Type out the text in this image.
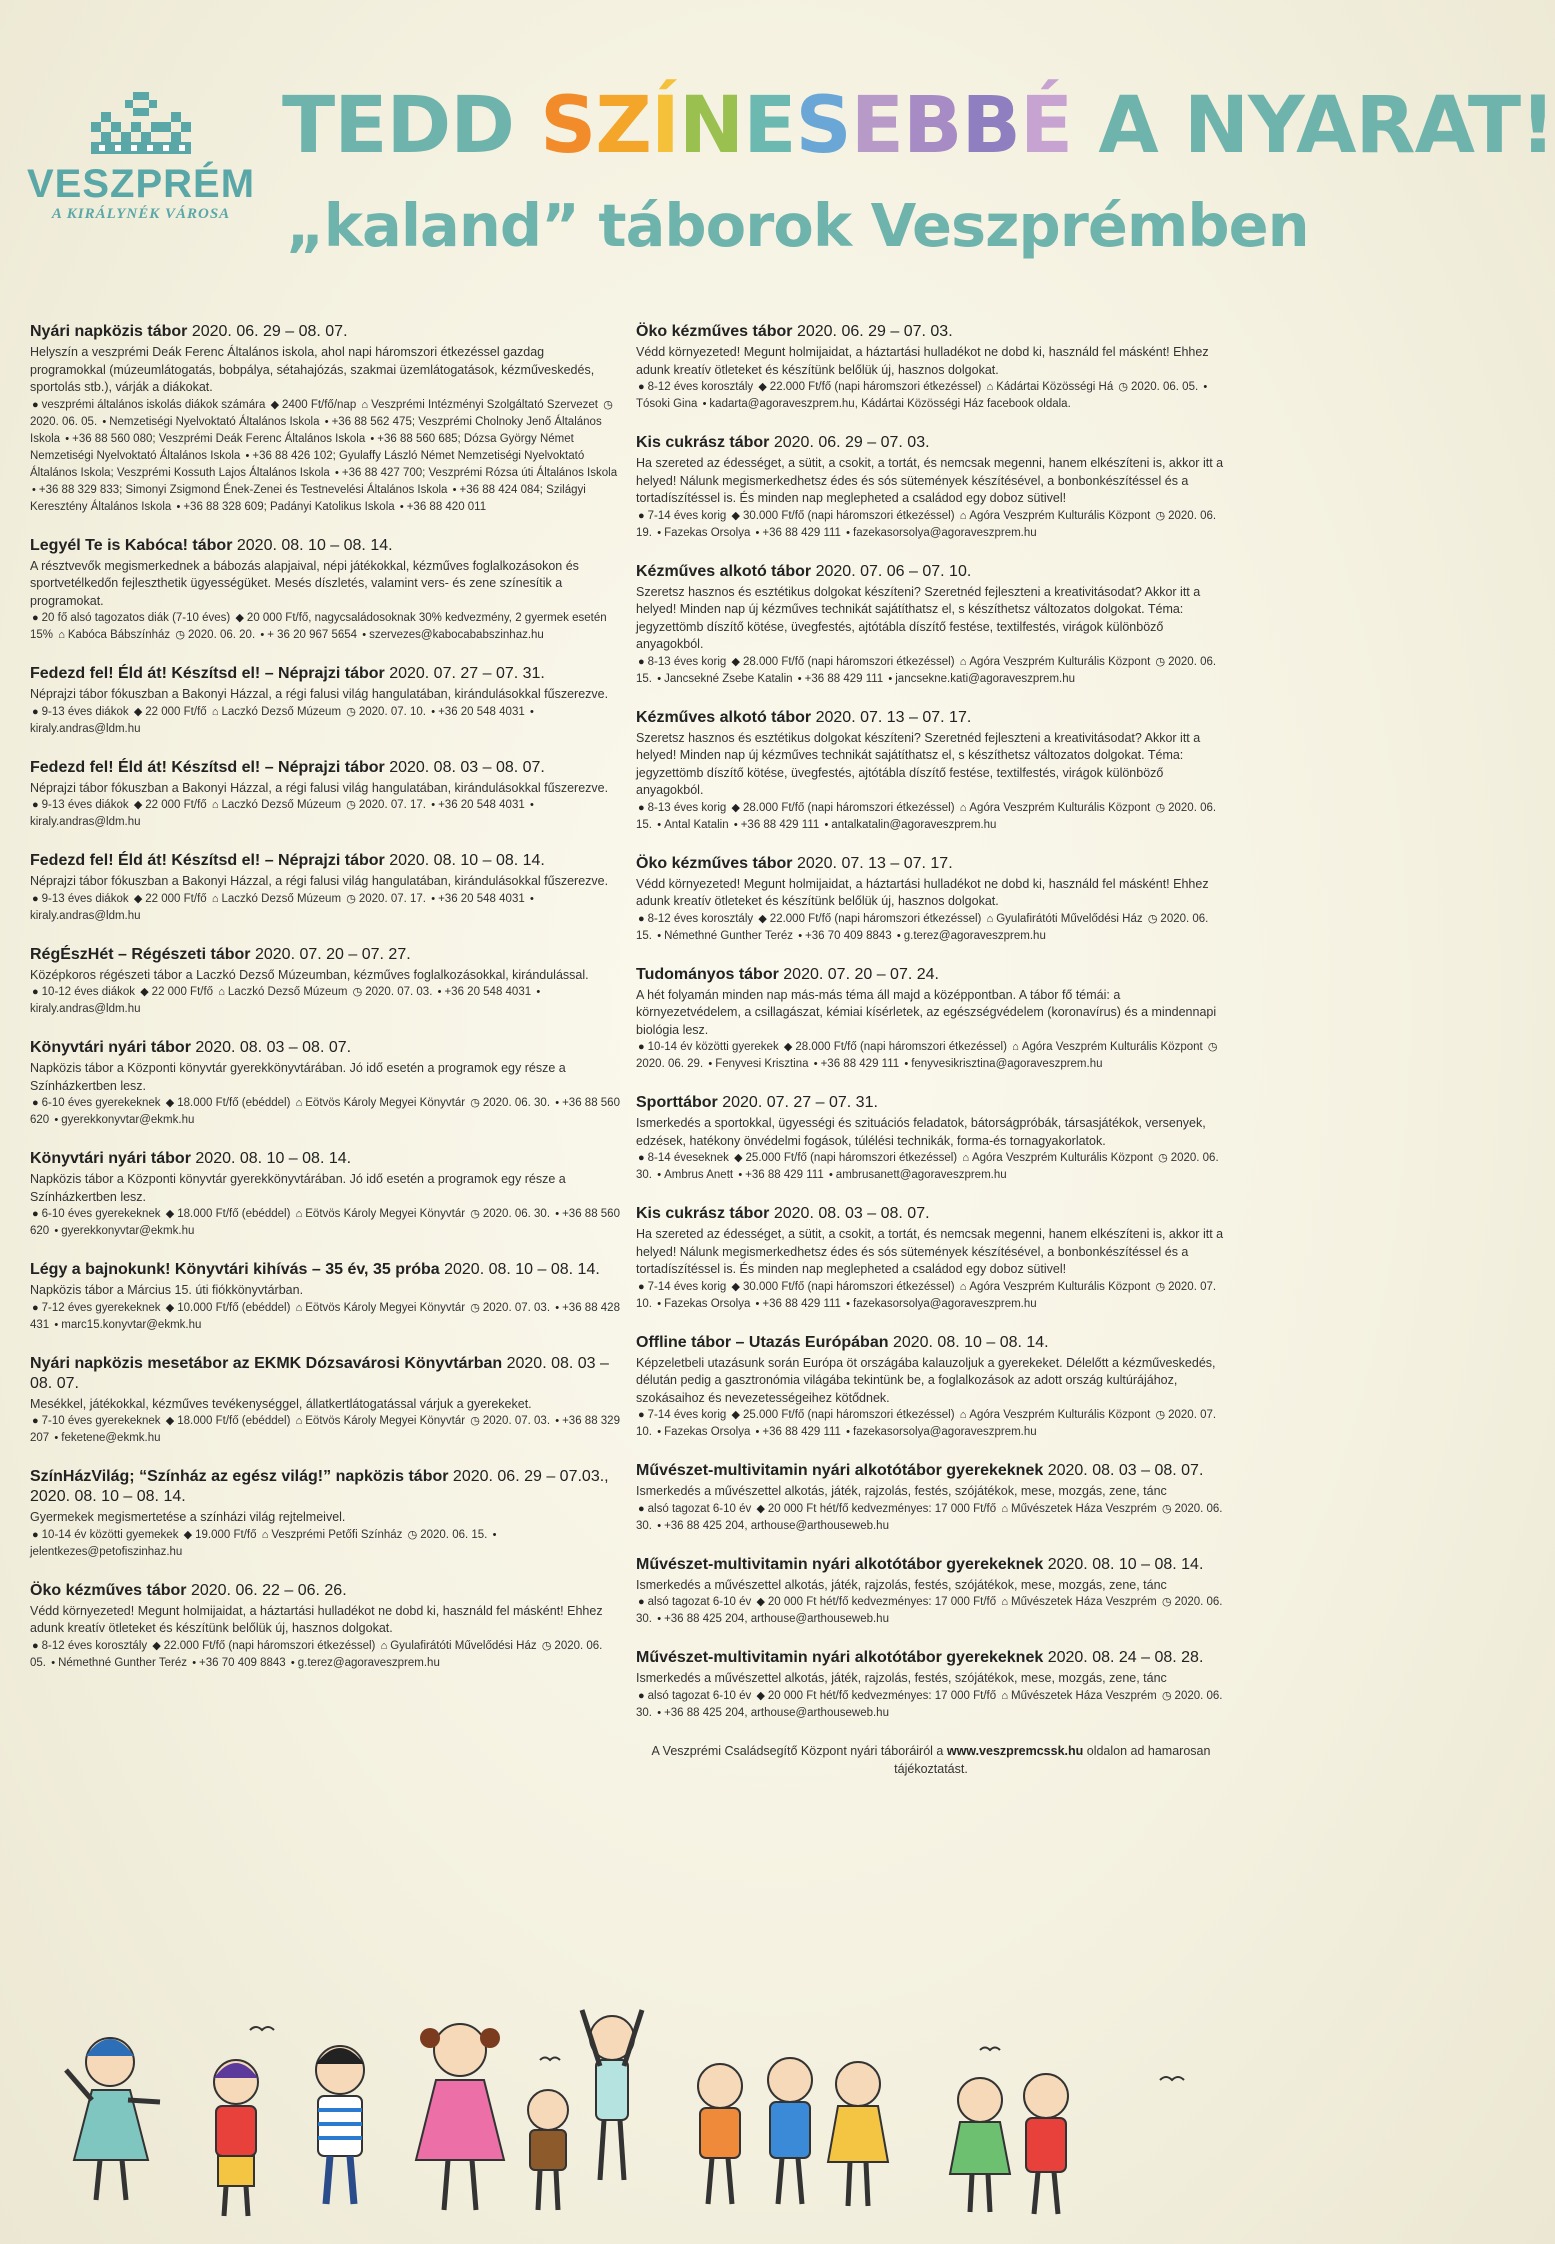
VESZPRÉM
A KIRÁLYNÉK VÁROSA
TEDD SZÍNESEBBÉ A NYARAT!
„kaland” táborok Veszprémben
Nyári napközis tábor 2020. 06. 29 – 08. 07.

Helyszín a veszprémi Deák Ferenc Általános iskola, ahol napi háromszori étkezéssel gazdag programokkal (múzeumlátogatás, bobpálya, sétahajózás, szakmai üzemlátogatások, kézműveskedés, sportolás stb.), várják a diákokat.

● veszprémi általános iskolás diákok számára ◆ 2400 Ft/fő/nap ⌂ Veszprémi Intézményi Szolgáltató Szervezet ◷2020. 06. 05. • Nemzetiségi Nyelvoktató Általános Iskola • +36 88 562 475; Veszprémi Cholnoky Jenő Általános Iskola • +36 88 560 080; Veszprémi Deák Ferenc Általános Iskola • +36 88 560 685; Dózsa György Német Nemzetiségi Nyelvoktató Általános Iskola • +36 88 426 102; Gyulaffy László Német Nemzetiségi Nyelvoktató Általános Iskola; Veszprémi Kossuth Lajos Általános Iskola • +36 88 427 700; Veszprémi Rózsa úti Általános Iskola • +36 88 329 833; Simonyi Zsigmond Ének-Zenei és Testnevelési Általános Iskola • +36 88 424 084; Szilágyi Keresztény Általános Iskola • +36 88 328 609; Padányi Katolikus Iskola • +36 88 420 011

Legyél Te is Kabóca! tábor 2020. 08. 10 – 08. 14.

A résztvevők megismerkednek a bábozás alapjaival, népi játékokkal, kézműves foglalkozásokon és sportvetélkedőn fejleszthetik ügyességüket. Mesés díszletés, valamint vers- és zene színesítik a programokat.

● 20 fő alsó tagozatos diák (7-10 éves) ◆ 20 000 Ft/fő, nagycsaládosoknak 30% kedvezmény, 2 gyermek esetén 15% ⌂ Kabóca Bábszínház ◷ 2020. 06. 20. • + 36 20 967 5654 • szervezes@kabocababszinhaz.hu

Fedezd fel! Éld át! Készítsd el! – Néprajzi tábor 2020. 07. 27 – 07. 31.

Néprajzi tábor fókuszban a Bakonyi Házzal, a régi falusi világ hangulatában, kirándulásokkal fűszerezve.

● 9-13 éves diákok ◆ 22 000 Ft/fő ⌂ Laczkó Dezső Múzeum ◷ 2020. 07. 10. • +36 20 548 4031 •kiraly.andras@ldm.hu

Fedezd fel! Éld át! Készítsd el! – Néprajzi tábor 2020. 08. 03 – 08. 07.

Néprajzi tábor fókuszban a Bakonyi Házzal, a régi falusi világ hangulatában, kirándulásokkal fűszerezve.

● 9-13 éves diákok ◆ 22 000 Ft/fő ⌂ Laczkó Dezső Múzeum ◷ 2020. 07. 17. • +36 20 548 4031 •kiraly.andras@ldm.hu

Fedezd fel! Éld át! Készítsd el! – Néprajzi tábor 2020. 08. 10 – 08. 14.

Néprajzi tábor fókuszban a Bakonyi Házzal, a régi falusi világ hangulatában, kirándulásokkal fűszerezve.

● 9-13 éves diákok ◆ 22 000 Ft/fő ⌂ Laczkó Dezső Múzeum ◷ 2020. 07. 17. • +36 20 548 4031 •kiraly.andras@ldm.hu

RégÉszHét – Régészeti tábor 2020. 07. 20 – 07. 27.

Középkoros régészeti tábor a Laczkó Dezső Múzeumban, kézműves foglalkozásokkal, kirándulással.

● 10-12 éves diákok ◆ 22 000 Ft/fő ⌂ Laczkó Dezső Múzeum ◷ 2020. 07. 03. • +36 20 548 4031 •kiraly.andras@ldm.hu

Könyvtári nyári tábor 2020. 08. 03 – 08. 07.

Napközis tábor a Központi könyvtár gyerekkönyvtárában. Jó idő esetén a programok egy része a Színházkertben lesz.

● 6-10 éves gyerekeknek ◆ 18.000 Ft/fő (ebéddel) ⌂ Eötvös Károly Megyei Könyvtár ◷ 2020. 06. 30. • +36 88 560 620 • gyerekkonyvtar@ekmk.hu

Könyvtári nyári tábor 2020. 08. 10 – 08. 14.

Napközis tábor a Központi könyvtár gyerekkönyvtárában. Jó idő esetén a programok egy része a Színházkertben lesz.

● 6-10 éves gyerekeknek ◆ 18.000 Ft/fő (ebéddel) ⌂ Eötvös Károly Megyei Könyvtár ◷ 2020. 06. 30. • +36 88 560 620 • gyerekkonyvtar@ekmk.hu

Légy a bajnokunk! Könyvtári kihívás – 35 év, 35 próba 2020. 08. 10 – 08. 14.

Napközis tábor a Március 15. úti fiókkönyvtárban.

● 7-12 éves gyerekeknek ◆ 10.000 Ft/fő (ebéddel) ⌂ Eötvös Károly Megyei Könyvtár ◷ 2020. 07. 03. • +36 88 428 431 • marc15.konyvtar@ekmk.hu

Nyári napközis mesetábor az EKMK Dózsavárosi Könyvtárban 2020. 08. 03 – 08. 07.

Mesékkel, játékokkal, kézműves tevékenységgel, állatkertlátogatással várjuk a gyerekeket.

● 7-10 éves gyerekeknek ◆ 18.000 Ft/fő (ebéddel) ⌂ Eötvös Károly Megyei Könyvtár ◷ 2020. 07. 03. • +36 88 329 207 • feketene@ekmk.hu

SzínHázVilág; “Színház az egész világ!” napközis tábor 2020. 06. 29 – 07.03., 2020. 08. 10 – 08. 14.

Gyermekek megismertetése a színházi világ rejtelmeivel.

● 10-14 év közötti gyemekek ◆ 19.000 Ft/fő ⌂ Veszprémi Petőfi Színház ◷ 2020. 06. 15. •jelentkezes@petofiszinhaz.hu

Öko kézműves tábor 2020. 06. 22 – 06. 26.

Védd környezeted! Megunt holmijaidat, a háztartási hulladékot ne dobd ki, használd fel másként! Ehhez adunk kreatív ötleteket és készítünk belőlük új, hasznos dolgokat.

● 8-12 éves korosztály ◆ 22.000 Ft/fő (napi háromszori étkezéssel) ⌂ Gyulafirátóti Művelődési Ház ◷ 2020. 06. 05. • Némethné Gunther Teréz • +36 70 409 8843 • g.terez@agoraveszprem.hu

Öko kézműves tábor 2020. 06. 29 – 07. 03.

Védd környezeted! Megunt holmijaidat, a háztartási hulladékot ne dobd ki, használd fel másként! Ehhez adunk kreatív ötleteket és készítünk belőlük új, hasznos dolgokat.

● 8-12 éves korosztály ◆ 22.000 Ft/fő (napi háromszori étkezéssel) ⌂ Kádártai Közösségi Há ◷ 2020. 06. 05. •Tósoki Gina • kadarta@agoraveszprem.hu, Kádártai Közösségi Ház facebook oldala.

Kis cukrász tábor 2020. 06. 29 – 07. 03.

Ha szereted az édességet, a sütit, a csokit, a tortát, és nemcsak megenni, hanem elkészíteni is, akkor itt a helyed! Nálunk megismerkedhetsz édes és sós sütemények készítésével, a bonbonkészítéssel és a tortadíszítéssel is. És minden nap meglepheted a családod egy doboz sütivel!

● 7-14 éves korig ◆ 30.000 Ft/fő (napi háromszori étkezéssel) ⌂ Agóra Veszprém Kulturális Központ ◷ 2020. 06. 19. • Fazekas Orsolya • +36 88 429 111 • fazekasorsolya@agoraveszprem.hu

Kézműves alkotó tábor 2020. 07. 06 – 07. 10.

Szeretsz hasznos és esztétikus dolgokat készíteni? Szeretnéd fejleszteni a kreativitásodat? Akkor itt a helyed! Minden nap új kézműves technikát sajátíthatsz el, s készíthetsz változatos dolgokat. Téma: jegyzettömb díszítő kötése, üvegfestés, ajtótábla díszítő festése, textilfestés, virágok különböző anyagokból.

● 8-13 éves korig ◆ 28.000 Ft/fő (napi háromszori étkezéssel) ⌂ Agóra Veszprém Kulturális Központ ◷ 2020. 06. 15. • Jancsekné Zsebe Katalin • +36 88 429 111 • jancsekne.kati@agoraveszprem.hu

Kézműves alkotó tábor 2020. 07. 13 – 07. 17.

Szeretsz hasznos és esztétikus dolgokat készíteni? Szeretnéd fejleszteni a kreativitásodat? Akkor itt a helyed! Minden nap új kézműves technikát sajátíthatsz el, s készíthetsz változatos dolgokat. Téma: jegyzettömb díszítő kötése, üvegfestés, ajtótábla díszítő festése, textilfestés, virágok különböző anyagokból.

● 8-13 éves korig ◆ 28.000 Ft/fő (napi háromszori étkezéssel) ⌂ Agóra Veszprém Kulturális Központ ◷ 2020. 06. 15. • Antal Katalin • +36 88 429 111 • antalkatalin@agoraveszprem.hu

Öko kézműves tábor 2020. 07. 13 – 07. 17.

Védd környezeted! Megunt holmijaidat, a háztartási hulladékot ne dobd ki, használd fel másként! Ehhez adunk kreatív ötleteket és készítünk belőlük új, hasznos dolgokat.

● 8-12 éves korosztály ◆ 22.000 Ft/fő (napi háromszori étkezéssel) ⌂ Gyulafirátóti Művelődési Ház ◷ 2020. 06. 15. • Némethné Gunther Teréz • +36 70 409 8843 • g.terez@agoraveszprem.hu

Tudományos tábor 2020. 07. 20 – 07. 24.

A hét folyamán minden nap más-más téma áll majd a középpontban. A tábor fő témái: a környezetvédelem, a csillagászat, kémiai kísérletek, az egészségvédelem (koronavírus) és a mindennapi biológia lesz.

● 10-14 év közötti gyerekek ◆ 28.000 Ft/fő (napi háromszori étkezéssel) ⌂ Agóra Veszprém Kulturális Központ ◷2020. 06. 29. • Fenyvesi Krisztina • +36 88 429 111 • fenyvesikrisztina@agoraveszprem.hu

Sporttábor 2020. 07. 27 – 07. 31.

Ismerkedés a sportokkal, ügyességi és szituációs feladatok, bátorságpróbák, társasjátékok, versenyek, edzések, hatékony önvédelmi fogások, túlélési technikák, forma-és tornagyakorlatok.

● 8-14 éveseknek ◆ 25.000 Ft/fő (napi háromszori étkezéssel) ⌂ Agóra Veszprém Kulturális Központ ◷ 2020. 06. 30. • Ambrus Anett • +36 88 429 111 • ambrusanett@agoraveszprem.hu

Kis cukrász tábor 2020. 08. 03 – 08. 07.

Ha szereted az édességet, a sütit, a csokit, a tortát, és nemcsak megenni, hanem elkészíteni is, akkor itt a helyed! Nálunk megismerkedhetsz édes és sós sütemények készítésével, a bonbonkészítéssel és a tortadíszítéssel is. És minden nap meglepheted a családod egy doboz sütivel!

● 7-14 éves korig ◆ 30.000 Ft/fő (napi háromszori étkezéssel) ⌂ Agóra Veszprém Kulturális Központ ◷ 2020. 07. 10. • Fazekas Orsolya • +36 88 429 111 • fazekasorsolya@agoraveszprem.hu

Offline tábor – Utazás Európában 2020. 08. 10 – 08. 14.

Képzeletbeli utazásunk során Európa öt országába kalauzoljuk a gyerekeket. Délelőtt a kézműveskedés, délután pedig a gasztronómia világába tekintünk be, a foglalkozások az adott ország kultúrájához, szokásaihoz és nevezetességeihez kötődnek.

● 7-14 éves korig ◆ 25.000 Ft/fő (napi háromszori étkezéssel) ⌂ Agóra Veszprém Kulturális Központ ◷ 2020. 07. 10. • Fazekas Orsolya • +36 88 429 111 • fazekasorsolya@agoraveszprem.hu

Művészet-multivitamin nyári alkotótábor gyerekeknek 2020. 08. 03 – 08. 07.

Ismerkedés a művészettel alkotás, játék, rajzolás, festés, szójátékok, mese, mozgás, zene, tánc

● alsó tagozat 6-10 év ◆ 20 000 Ft hét/fő kedvezményes: 17 000 Ft/fő ⌂ Művészetek Háza Veszprém ◷ 2020. 06. 30. • +36 88 425 204, arthouse@arthouseweb.hu

Művészet-multivitamin nyári alkotótábor gyerekeknek 2020. 08. 10 – 08. 14.

Ismerkedés a művészettel alkotás, játék, rajzolás, festés, szójátékok, mese, mozgás, zene, tánc

● alsó tagozat 6-10 év ◆ 20 000 Ft hét/fő kedvezményes: 17 000 Ft/fő ⌂ Művészetek Háza Veszprém ◷ 2020. 06. 30. • +36 88 425 204, arthouse@arthouseweb.hu

Művészet-multivitamin nyári alkotótábor gyerekeknek 2020. 08. 24 – 08. 28.

Ismerkedés a művészettel alkotás, játék, rajzolás, festés, szójátékok, mese, mozgás, zene, tánc

● alsó tagozat 6-10 év ◆ 20 000 Ft hét/fő kedvezményes: 17 000 Ft/fő ⌂ Művészetek Háza Veszprém ◷ 2020. 06. 30. • +36 88 425 204, arthouse@arthouseweb.hu

A Veszprémi Családsegítő Központ nyári táboráiról a www.veszpremcssk.hu oldalon ad hamarosan tájékoztatást.
